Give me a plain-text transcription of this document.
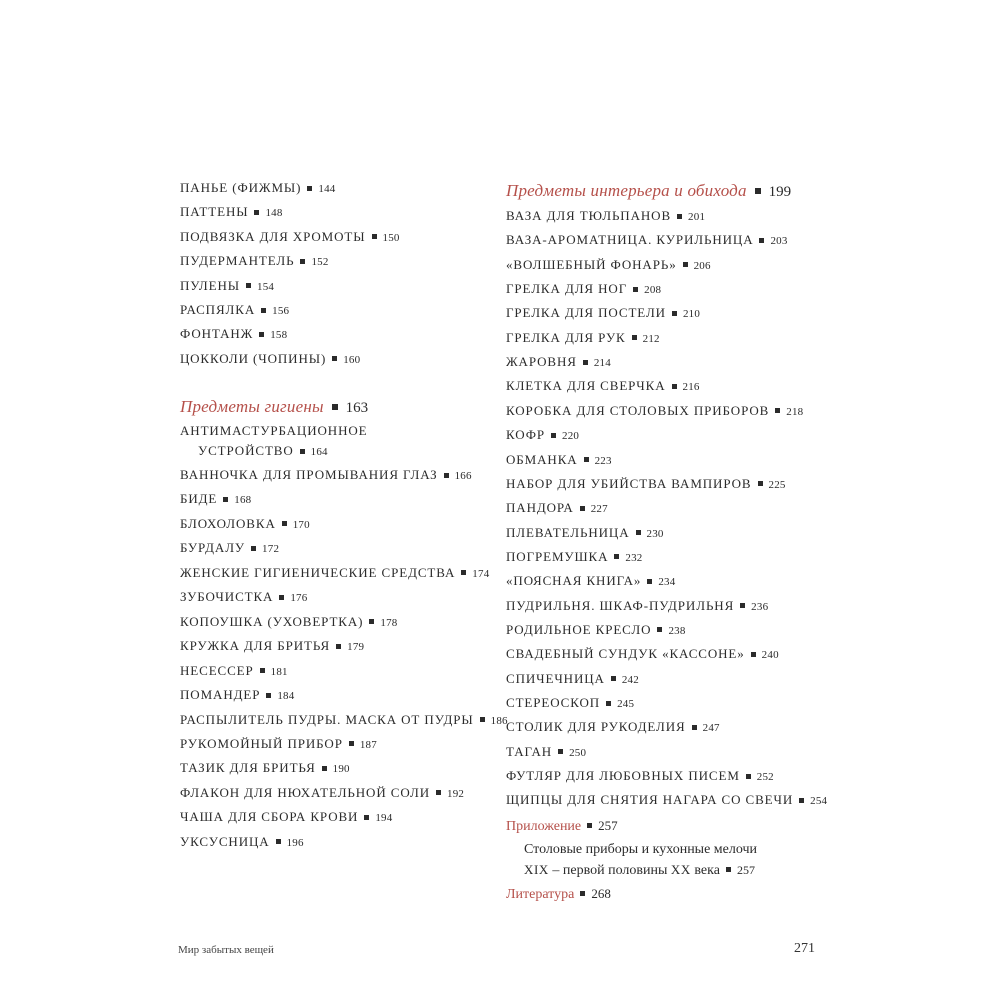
ПАНЬЕ (ФИЖМЫ) 144
ПАТТЕНЫ 148
ПОДВЯЗКА ДЛЯ ХРОМОТЫ 150
ПУДЕРМАНТЕЛЬ 152
ПУЛЕНЫ 154
РАСПЯЛКА 156
ФОНТАНЖ 158
ЦОККОЛИ (ЧОПИНЫ) 160
Предметы гигиены 163
АНТИМАСТУРБАЦИОННОЕ
УСТРОЙСТВО 164
ВАННОЧКА ДЛЯ ПРОМЫВАНИЯ ГЛАЗ 166
БИДЕ 168
БЛОХОЛОВКА 170
БУРДАЛУ 172
ЖЕНСКИЕ ГИГИЕНИЧЕСКИЕ СРЕДСТВА 174
ЗУБОЧИСТКА 176
КОПОУШКА (УХОВЕРТКА) 178
КРУЖКА ДЛЯ БРИТЬЯ 179
НЕСЕССЕР 181
ПОМАНДЕР 184
РАСПЫЛИТЕЛЬ ПУДРЫ. МАСКА ОТ ПУДРЫ 186
РУКОМОЙНЫЙ ПРИБОР 187
ТАЗИК ДЛЯ БРИТЬЯ 190
ФЛАКОН ДЛЯ НЮХАТЕЛЬНОЙ СОЛИ 192
ЧАША ДЛЯ СБОРА КРОВИ 194
УКСУСНИЦА 196
Предметы интерьера и обихода 199
ВАЗА ДЛЯ ТЮЛЬПАНОВ 201
ВАЗА-АРОМАТНИЦА. КУРИЛЬНИЦА 203
«ВОЛШЕБНЫЙ ФОНАРЬ» 206
ГРЕЛКА ДЛЯ НОГ 208
ГРЕЛКА ДЛЯ ПОСТЕЛИ 210
ГРЕЛКА ДЛЯ РУК 212
ЖАРОВНЯ 214
КЛЕТКА ДЛЯ СВЕРЧКА 216
КОРОБКА ДЛЯ СТОЛОВЫХ ПРИБОРОВ 218
КОФР 220
ОБМАНКА 223
НАБОР ДЛЯ УБИЙСТВА ВАМПИРОВ 225
ПАНДОРА 227
ПЛЕВАТЕЛЬНИЦА 230
ПОГРЕМУШКА 232
«ПОЯСНАЯ КНИГА» 234
ПУДРИЛЬНЯ. ШКАФ-ПУДРИЛЬНЯ 236
РОДИЛЬНОЕ КРЕСЛО 238
СВАДЕБНЫЙ СУНДУК «КАССОНЕ» 240
СПИЧЕЧНИЦА 242
СТЕРЕОСКОП 245
СТОЛИК ДЛЯ РУКОДЕЛИЯ 247
ТАГАН 250
ФУТЛЯР ДЛЯ ЛЮБОВНЫХ ПИСЕМ 252
ЩИПЦЫ ДЛЯ СНЯТИЯ НАГАРА СО СВЕЧИ 254
Приложение 257
Столовые приборы и кухонные мелочи
XIX – первой половины XX века 257
Литература 268
Мир забытых вещей	271
